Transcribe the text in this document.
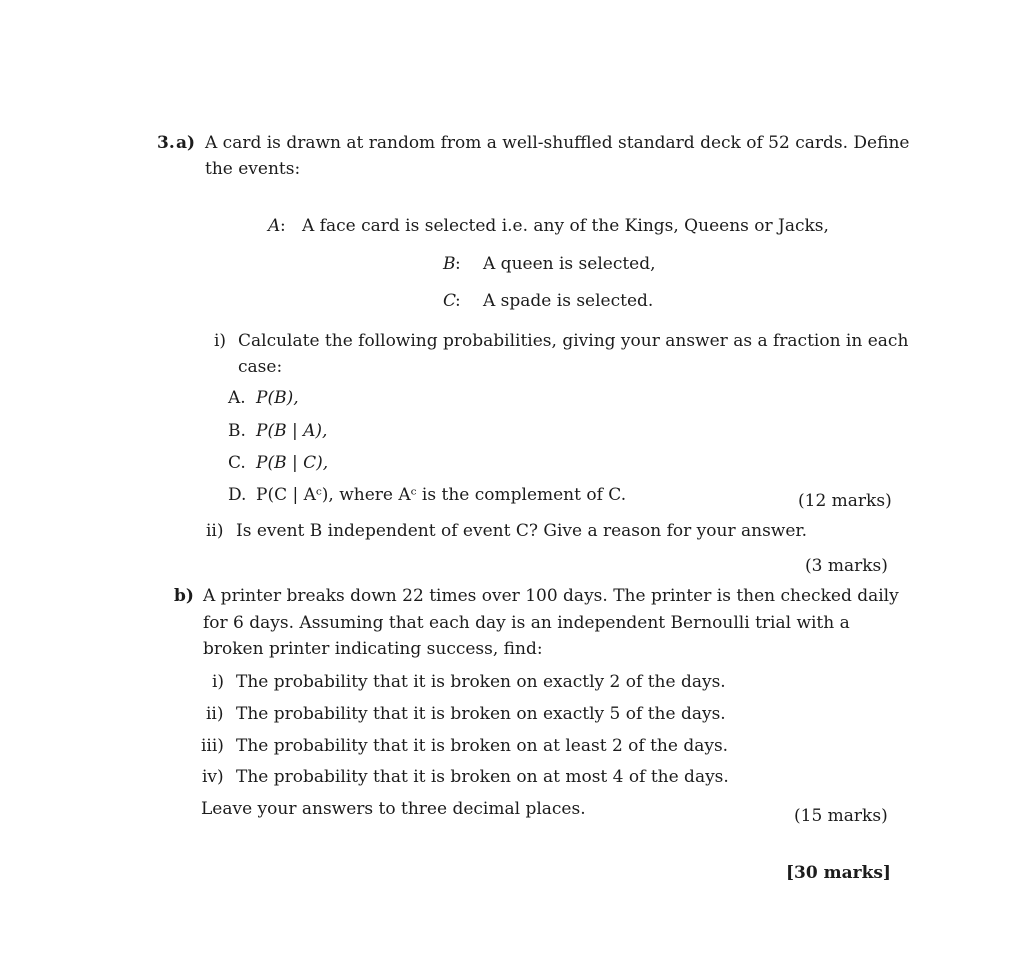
3. a) A card is drawn at random from a well-shuffled standard deck of 52 cards. Define
the events:
A : A face card is selected i.e. any of the Kings, Queens or Jacks,
B : A queen is selected,
C
: A spade is selected.
i) Calculate the following probabilities, giving your answer as a fraction in each
case:
A. P(B),
B. P(B | A),
C. P(B | C),
D. P(C | Aᶜ), where Aᶜ is the complement of C.	(12 marks)
ii) Is event B independent of event C? Give a reason for your answer.
(3 marks)
b) A printer breaks down 22 times over 100 days. The printer is then checked daily
for 6 days. Assuming that each day is an independent Bernoulli trial with a
broken printer indicating success, find:
i) The probability that it is broken on exactly 2 of the days.
ii) The probability that it is broken on exactly 5 of the days.
iii) The probability that it is broken on at least 2 of the days.
iv) The probability that it is broken on at most 4 of the days.
Leave your answers to three decimal places.	(15 marks)
[30 marks]
